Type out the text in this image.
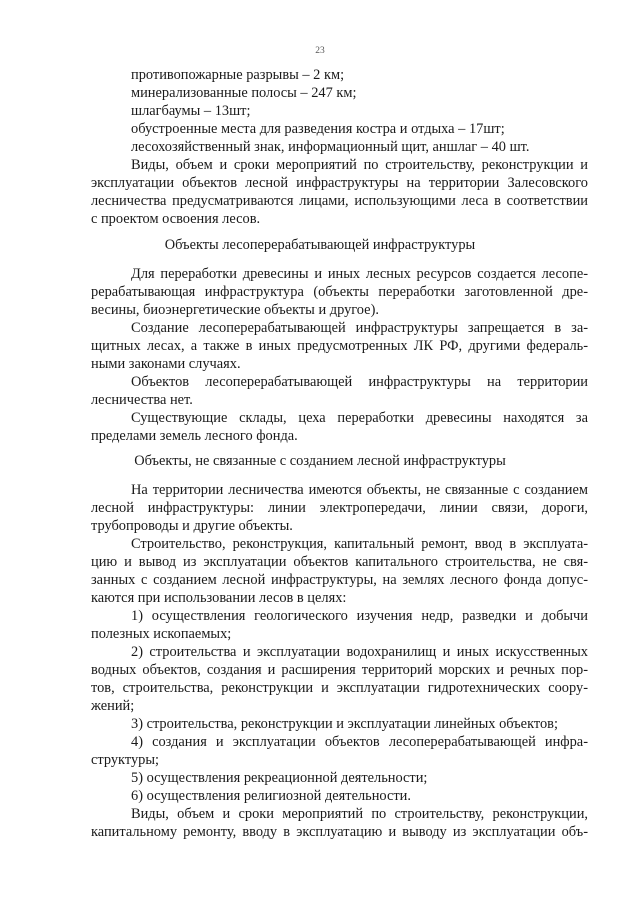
23
противопожарные разрывы – 2 км;
минерализованные полосы – 247 км;
шлагбаумы – 13шт;
обустроенные места для разведения костра и отдыха – 17шт;
лесохозяйственный знак, информационный щит, аншлаг – 40 шт.
Виды, объем и сроки мероприятий по строительству, реконструкции и
эксплуатации объектов лесной инфраструктуры на территории Залесовского
лесничества предусматриваются лицами, использующими леса в соответствии
с проектом освоения лесов.
Объекты лесоперерабатывающей инфраструктуры
Для переработки древесины и иных лесных ресурсов создается лесопе-
рерабатывающая инфраструктура (объекты переработки заготовленной дре-
весины, биоэнергетические объекты и другое).
Создание лесоперерабатывающей инфраструктуры запрещается в за-
щитных лесах, а также в иных предусмотренных ЛК РФ, другими федераль-
ными законами случаях.
Объектов лесоперерабатывающей инфраструктуры на территории
лесничества нет.
Существующие склады, цеха переработки древесины находятся за
пределами земель лесного фонда.
Объекты, не связанные с созданием лесной инфраструктуры
На территории лесничества имеются объекты, не связанные с созданием
лесной инфраструктуры: линии электропередачи, линии связи, дороги,
трубопроводы и другие объекты.
Строительство, реконструкция, капитальный ремонт, ввод в эксплуата-
цию и вывод из эксплуатации объектов капитального строительства, не свя-
занных с созданием лесной инфраструктуры, на землях лесного фонда допус-
каются при использовании лесов в целях:
1) осуществления геологического изучения недр, разведки и добычи
полезных ископаемых;
2) строительства и эксплуатации водохранилищ и иных искусственных
водных объектов, создания и расширения территорий морских и речных пор-
тов, строительства, реконструкции и эксплуатации гидротехнических соору-
жений;
3) строительства, реконструкции и эксплуатации линейных объектов;
4) создания и эксплуатации объектов лесоперерабатывающей инфра-
структуры;
5) осуществления рекреационной деятельности;
6) осуществления религиозной деятельности.
Виды, объем и сроки мероприятий по строительству, реконструкции,
капитальному ремонту, вводу в эксплуатацию и выводу из эксплуатации объ-
